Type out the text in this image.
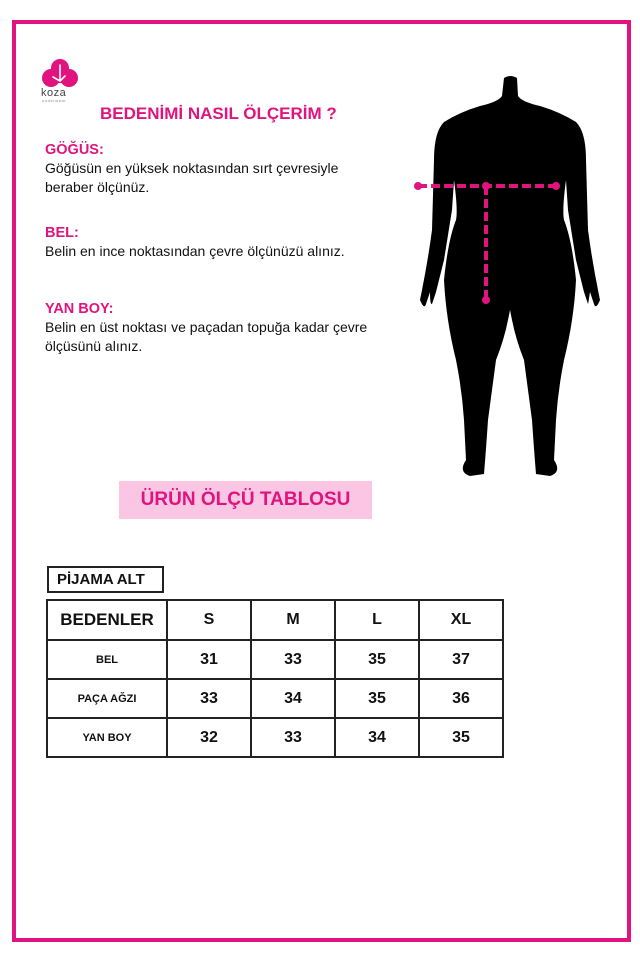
koza
underwear
BEDENİMİ NASIL ÖLÇERİM ?
GÖĞÜS:
Göğüsün en yüksek noktasından sırt çevresiyle beraber ölçünüz.
BEL:
Belin en ince noktasından çevre ölçünüzü alınız.
YAN BOY:
Belin en üst noktası ve paçadan topuğa kadar çevre ölçüsünü alınız.
ÜRÜN ÖLÇÜ TABLOSU
PİJAMA ALT
BEDENLER	S	M	L	XL
BEL	31	33	35	37
PAÇA AĞZI	33	34	35	36
YAN BOY	32	33	34	35
